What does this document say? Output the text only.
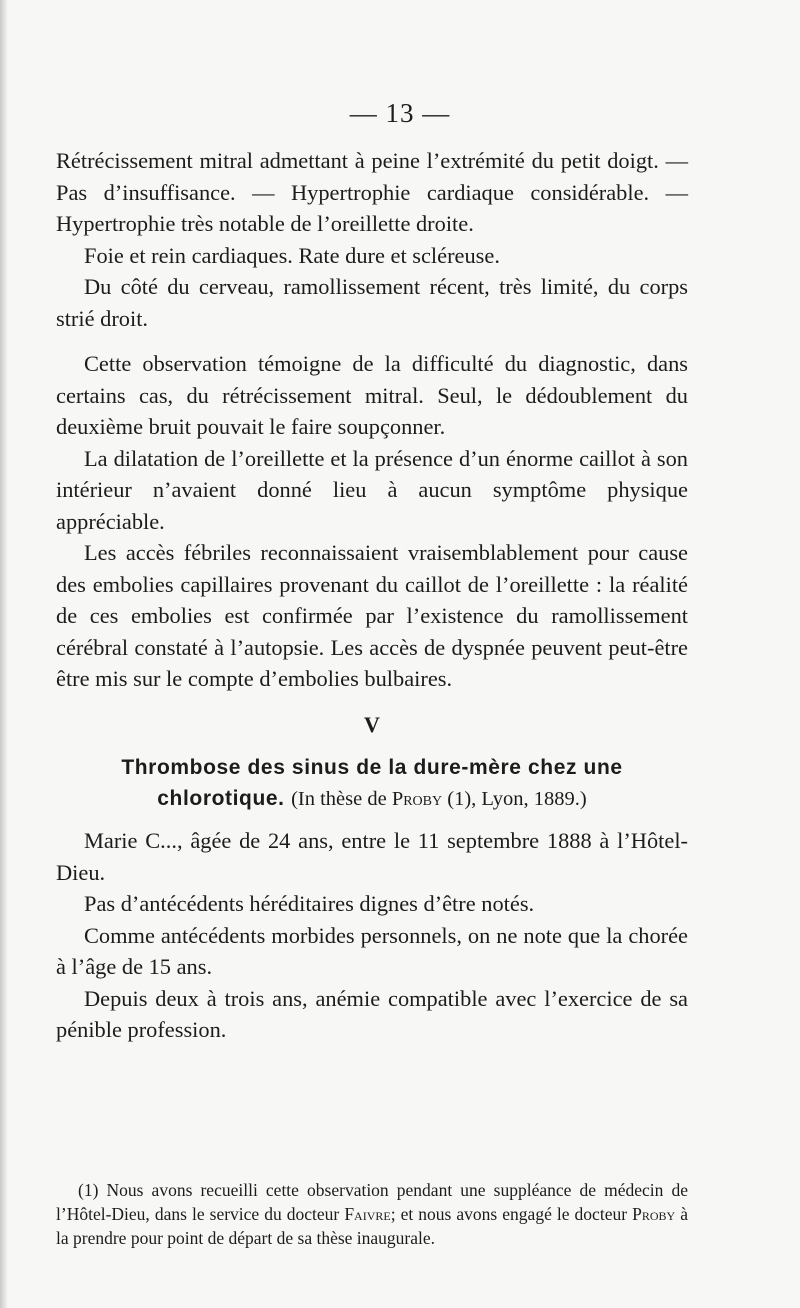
— 13 —

Rétrécissement mitral admettant à peine l’extrémité du petit doigt. — Pas d’insuffisance. — Hypertrophie cardiaque considérable. — Hypertrophie très notable de l’oreillette droite.

Foie et rein cardiaques. Rate dure et scléreuse.

Du côté du cerveau, ramollissement récent, très limité, du corps strié droit.

Cette observation témoigne de la difficulté du diagnostic, dans certains cas, du rétrécissement mitral. Seul, le dédoublement du deuxième bruit pouvait le faire soupçonner.

La dilatation de l’oreillette et la présence d’un énorme caillot à son intérieur n’avaient donné lieu à aucun symptôme physique appréciable.

Les accès fébriles reconnaissaient vraisemblablement pour cause des embolies capillaires provenant du caillot de l’oreillette : la réalité de ces embolies est confirmée par l’existence du ramollissement cérébral constaté à l’autopsie. Les accès de dyspnée peuvent peut-être être mis sur le compte d’embolies bulbaires.

V

Thrombose des sinus de la dure-mère chez une chlorotique. (In thèse de Proby (1), Lyon, 1889.)

Marie C..., âgée de 24 ans, entre le 11 septembre 1888 à l’Hôtel-Dieu.

Pas d’antécédents héréditaires dignes d’être notés.

Comme antécédents morbides personnels, on ne note que la chorée à l’âge de 15 ans.

Depuis deux à trois ans, anémie compatible avec l’exercice de sa pénible profession.

(1) Nous avons recueilli cette observation pendant une suppléance de médecin de l’Hôtel-Dieu, dans le service du docteur Faivre; et nous avons engagé le docteur Proby à la prendre pour point de départ de sa thèse inaugurale.
